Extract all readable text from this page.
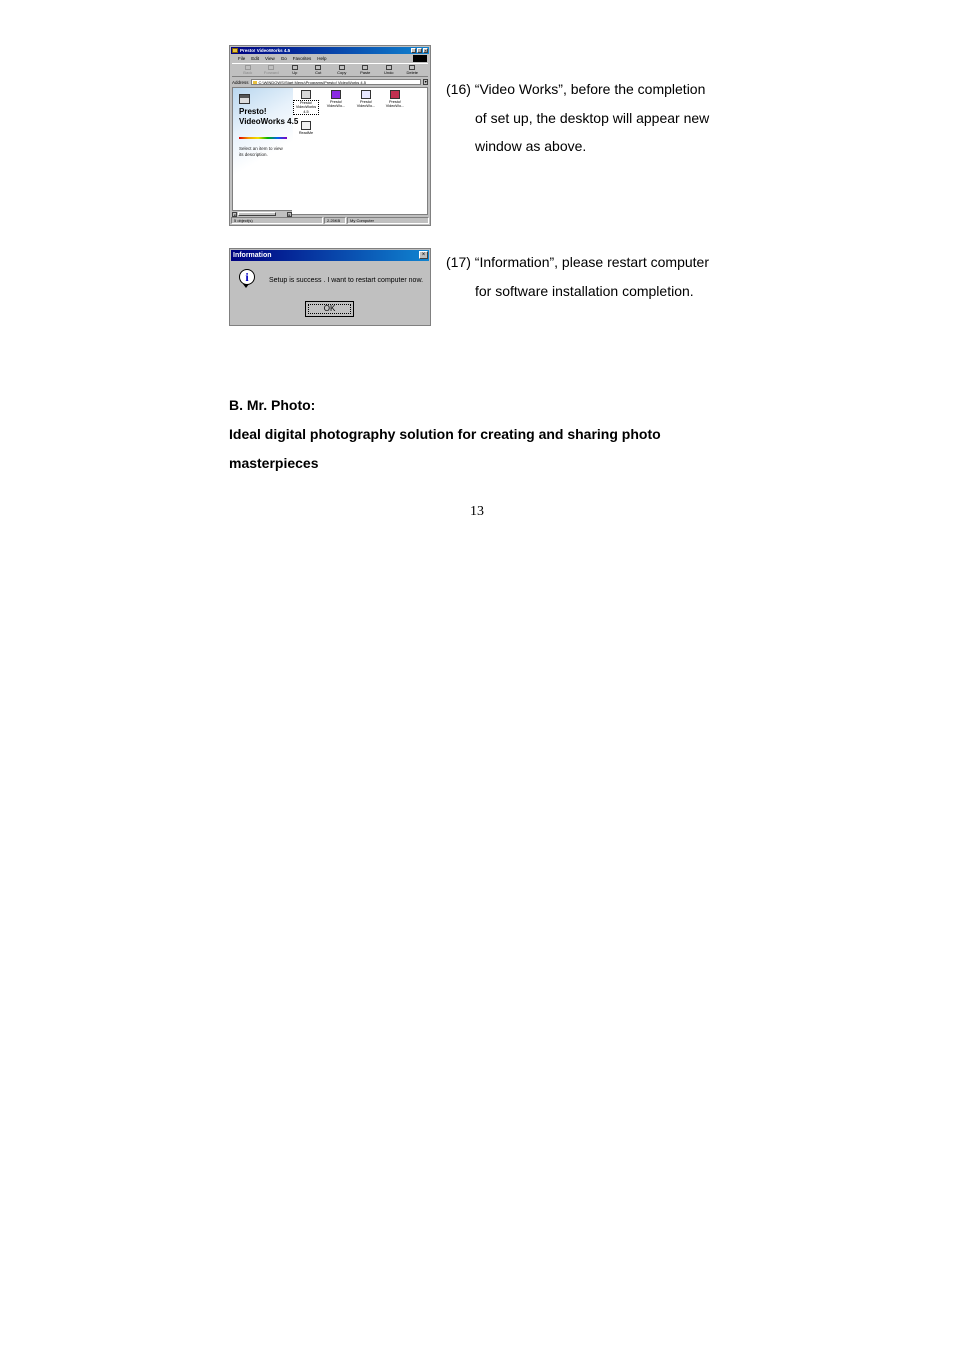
Presto! VideoWorks 4.5	_ □ ×
File Edit View Go Favorites Help
Back	Forward	Up	Cut	Copy	Paste	Undo	Delete
Address	C:\WINDOWS\Start Menu\Programs\Presto! VideoWorks 4.5	▼
Presto! VideoWorks 4.5
Select an item to view its description.
Presto! VideoWorks 4.5
Presto! VideoWo...
Presto! VideoWo...
Presto! VideoWo...
ReadMe
◂	▸
5 object(s)	2.25KB	My Computer
(16) “Video Works”, before the completion
of set up, the desktop will appear new
window as above.
Information	×
i	Setup is success . I want to restart computer now.
OK
(17) “Information”, please restart computer
for software installation completion.
B. Mr. Photo:
Ideal digital photography solution for creating and sharing photo
masterpieces
13
